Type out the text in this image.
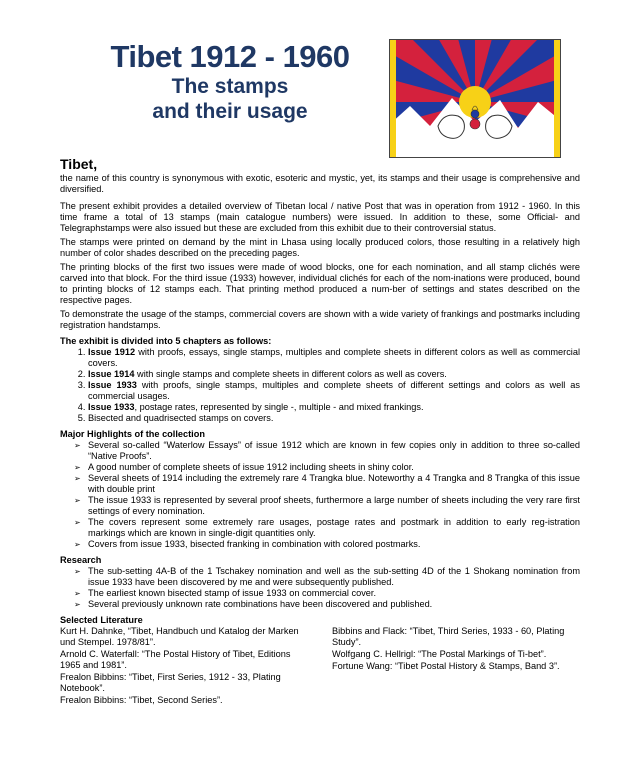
Tibet 1912 - 1960
The stamps
and their usage
Tibet,

the name of this country is synonymous with exotic, esoteric and mystic, yet, its stamps and their usage is comprehensive and diversified.

The present exhibit provides a detailed overview of Tibetan local / native Post that was in operation from 1912 - 1960. In this time frame a total of 13 stamps (main catalogue numbers) were issued. In addition to these, some Official- and Telegraphstamps were also issued but these are excluded from this exhibit due to their controversial status.

The stamps were printed on demand by the mint in Lhasa using locally produced colors, those resulting in a relatively high number of color shades described on the preceding pages.

The printing blocks of the first two issues were made of wood blocks, one for each nomination, and all stamp clichés were carved into that block. For the third issue (1933) however, individual clichés for each of the nom-inations were produced, bound to printing blocks of 12 stamps each. That printing method produced a num-ber of settings and states described on the respective pages.

To demonstrate the usage of the stamps, commercial covers are shown with a wide variety of frankings and postmarks including registration handstamps.

The exhibit is divided into 5 chapters as follows:
1. Issue 1912 with proofs, essays, single stamps, multiples and complete sheets in different colors as well as commercial covers.
2. Issue 1914 with single stamps and complete sheets in different colors as well as covers.
3. Issue 1933 with proofs, single stamps, multiples and complete sheets of different settings and colors as well as commercial usages.
4. Issue 1933, postage rates, represented by single -, multiple - and mixed frankings.
5. Bisected and quadrisected stamps on covers.
Major Highlights of the collection
➢ Several so-called “Waterlow Essays” of issue 1912 which are known in few copies only in addition to three so-called “Native Proofs”.
➢ A good number of complete sheets of issue 1912 including sheets in shiny color.
➢ Several sheets of 1914 including the extremely rare 4 Trangka blue. Noteworthy a 4 Trangka and 8 Trangka of this issue with double print
➢ The issue 1933 is represented by several proof sheets, furthermore a large number of sheets including the very rare first settings of every nomination.
➢ The covers represent some extremely rare usages, postage rates and postmark in addition to early reg-istration markings which are known in single-digit quantities only.
➢ Covers from issue 1933, bisected franking in combination with colored postmarks.
Research
➢ The sub-setting 4A-B of the 1 Tschakey nomination and well as the sub-setting 4D of the 1 Shokang nomination from issue 1933 have been discovered by me and were subsequently published.
➢ The earliest known bisected stamp of issue 1933 on commercial cover.
➢ Several previously unknown rate combinations have been discovered and published.
Selected Literature
Kurt H. Dahnke, “Tibet, Handbuch und Katalog der Marken und Stempel. 1978/81”.
Arnold C. Waterfall: “The Postal History of Tibet, Editions 1965 and 1981”.
Frealon Bibbins: “Tibet, First Series, 1912 - 33, Plating Notebook”.
Frealon Bibbins: “Tibet, Second Series”.
Bibbins and Flack: “Tibet, Third Series, 1933 - 60, Plating Study”.
Wolfgang C. Hellrigl: “The Postal Markings of Ti-bet”.
Fortune Wang: “Tibet Postal History & Stamps, Band 3”.
